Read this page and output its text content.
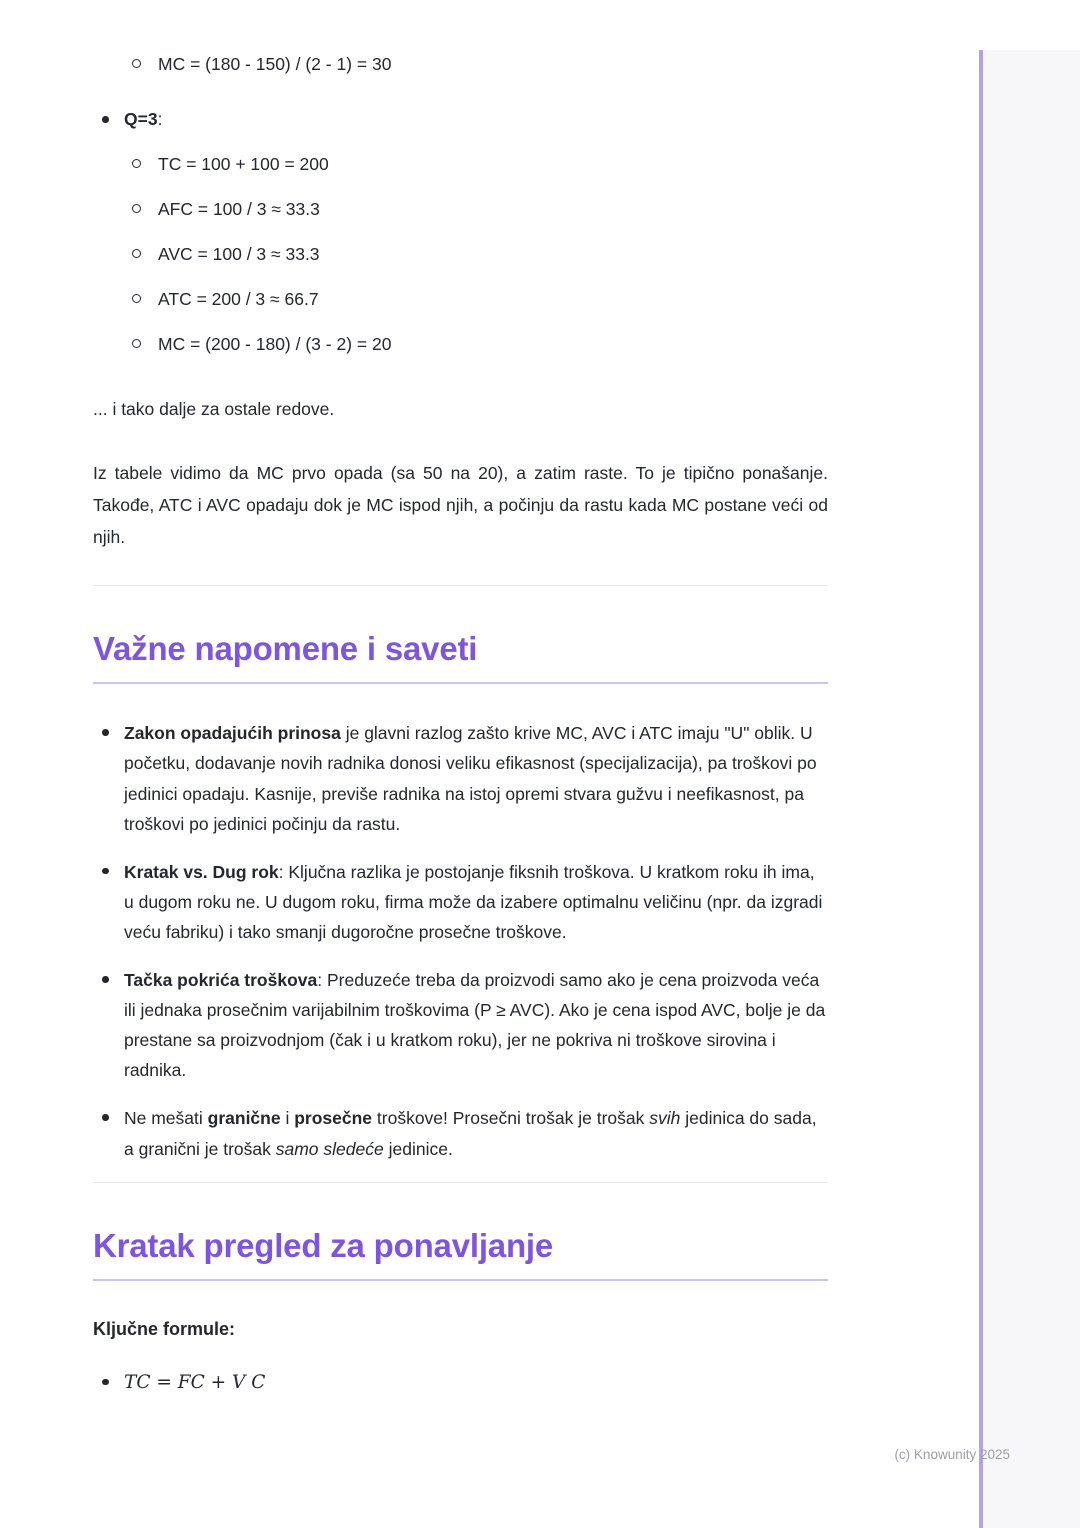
MC = (180 - 150) / (2 - 1) = 30
Q=3:
TC = 100 + 100 = 200
AFC = 100 / 3 ≈ 33.3
AVC = 100 / 3 ≈ 33.3
ATC = 200 / 3 ≈ 66.7
MC = (200 - 180) / (3 - 2) = 20

... i tako dalje za ostale redove.

Iz tabele vidimo da MC prvo opada (sa 50 na 20), a zatim raste. To je tipično ponašanje. Takođe, ATC i AVC opadaju dok je MC ispod njih, a počinju da rastu kada MC postane veći od njih.

Važne napomene i saveti
Zakon opadajućih prinosa je glavni razlog zašto krive MC, AVC i ATC imaju "U" oblik. U početku, dodavanje novih radnika donosi veliku efikasnost (specijalizacija), pa troškovi po jedinici opadaju. Kasnije, previše radnika na istoj opremi stvara gužvu i neefikasnost, pa troškovi po jedinici počinju da rastu.
Kratak vs. Dug rok: Ključna razlika je postojanje fiksnih troškova. U kratkom roku ih ima, u dugom roku ne. U dugom roku, firma može da izabere optimalnu veličinu (npr. da izgradi veću fabriku) i tako smanji dugoročne prosečne troškove.
Tačka pokrića troškova: Preduzeće treba da proizvodi samo ako je cena proizvoda veća ili jednaka prosečnim varijabilnim troškovima (P ≥ AVC). Ako je cena ispod AVC, bolje je da prestane sa proizvodnjom (čak i u kratkom roku), jer ne pokriva ni troškove sirovina i radnika.
Ne mešati granične i prosečne troškove! Prosečni trošak je trošak svih jedinica do sada, a granični je trošak samo sledeće jedinice.
Kratak pregled za ponavljanje

Ključne formule:

TC = FC + V C
(c) Knowunity 2025
